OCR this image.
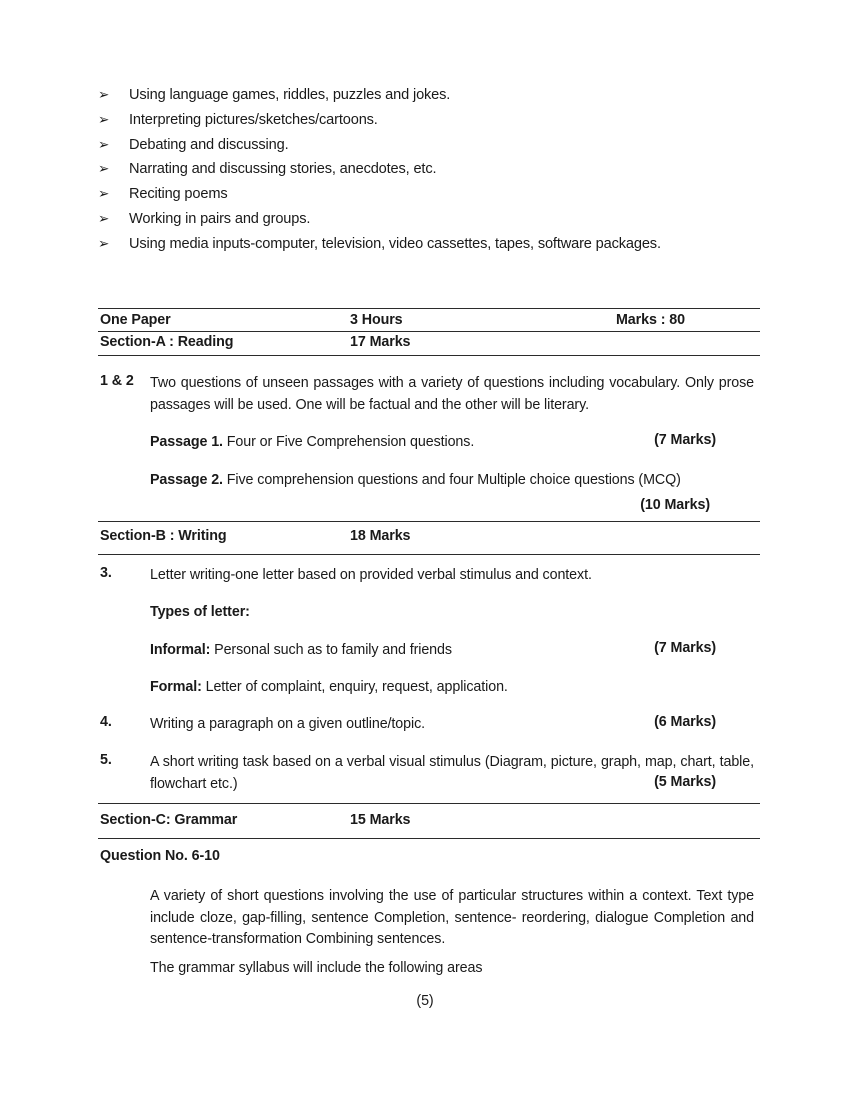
➢	Using language games, riddles, puzzles and jokes.
➢	Interpreting pictures/sketches/cartoons.
➢	Debating and discussing.
➢	Narrating and discussing stories, anecdotes, etc.
➢	Reciting poems
➢	Working in pairs and groups.
➢	Using media inputs-computer, television, video cassettes, tapes, software packages.
One Paper	3 Hours	Marks : 80
Section-A : Reading	17 Marks
1 & 2 Two questions of unseen passages with a variety of questions including vocabulary. Only prose passages will be used. One will be factual and the other will be literary.
Passage 1. Four or Five Comprehension questions.	(7 Marks)
Passage 2. Five comprehension questions and four Multiple choice questions (MCQ)
(10 Marks)
Section-B : Writing	18 Marks
3.	Letter writing-one letter based on provided verbal stimulus and context.
Types of letter:
Informal: Personal such as to family and friends	(7 Marks)
Formal: Letter of complaint, enquiry, request, application.
4.	Writing a paragraph on a given outline/topic.	(6 Marks)
5.	A short writing task based on a verbal visual stimulus (Diagram, picture, graph, map, chart, table, flowchart etc.)	(5 Marks)
Section-C: Grammar	15 Marks
Question No. 6-10
A variety of short questions involving the use of particular structures within a context. Text type include cloze, gap-filling, sentence Completion, sentence- reordering, dialogue Completion and sentence-transformation Combining sentences.
The grammar syllabus will include the following areas
(5)
